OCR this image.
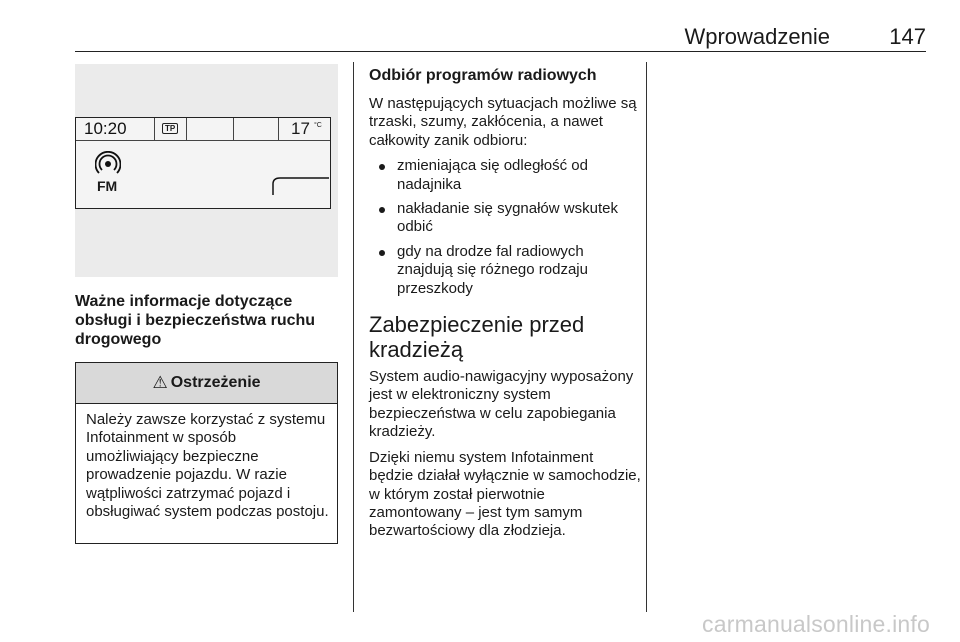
Wprowadzenie	147
10:20	TP	17 °C
FM
Ważne informacje dotyczące obsługi i bezpieczeństwa ruchu drogowego
⚠ Ostrzeżenie
Należy zawsze korzystać z systemu Infotainment w sposób umożliwiający bezpieczne prowadzenie pojazdu. W razie wątpliwości zatrzymać pojazd i obsługiwać system podczas postoju.
Odbiór programów radiowych

W następujących sytuacjach możliwe są trzaski, szumy, zakłócenia, a nawet całkowity zanik odbioru:

zmieniająca się odległość od nadajnika
nakładanie się sygnałów wskutek odbić
gdy na drodze fal radiowych znajdują się różnego rodzaju przeszkody
Zabezpieczenie przed kradzieżą

System audio-nawigacyjny wyposażony jest w elektroniczny system bezpieczeństwa w celu zapobiegania kradzieży.

Dzięki niemu system Infotainment będzie działał wyłącznie w samochodzie, w którym został pierwotnie zamontowany – jest tym samym bezwartościowy dla złodzieja.

carmanualsonline.info
